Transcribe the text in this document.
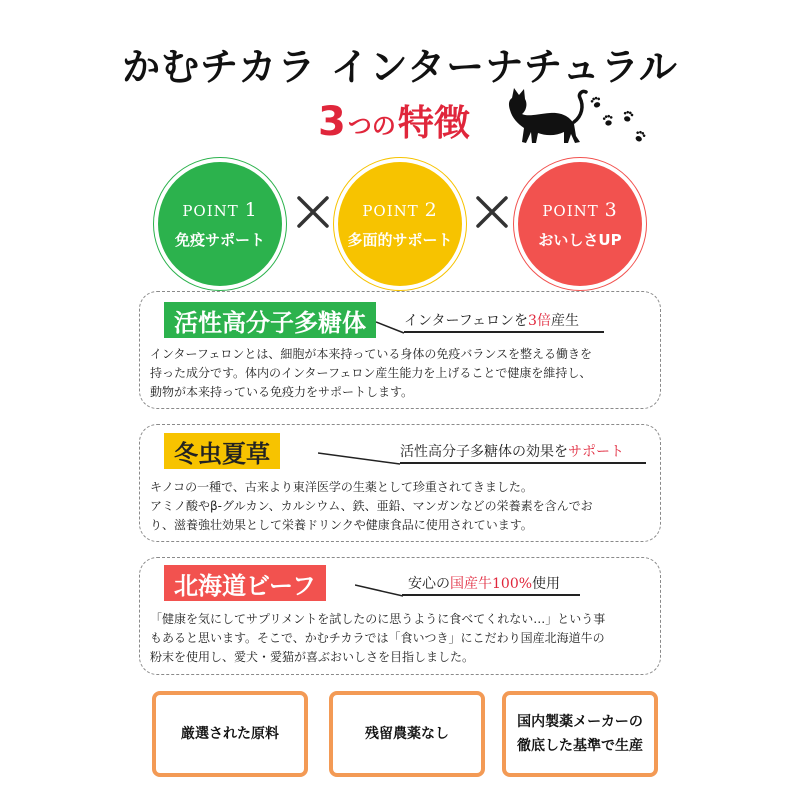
かむチカラ インターナチュラル
3 つの 特徴
POINT 1
免疫サポート
POINT 2
多面的サポート
POINT 3
おいしさUP
活性高分子多糖体	インターフェロンを3倍産生

インターフェロンとは、細胞が本来持っている身体の免疫バランスを整える働きを

持った成分です。体内のインターフェロン産生能力を上げることで健康を維持し、

動物が本来持っている免疫力をサポートします。

冬虫夏草	活性高分子多糖体の効果をサポート

キノコの一種で、古来より東洋医学の生薬として珍重されてきました。

アミノ酸やβ-グルカン、カルシウム、鉄、亜鉛、マンガンなどの栄養素を含んでお

り、滋養強壮効果として栄養ドリンクや健康食品に使用されています。

北海道ビーフ	安心の国産牛100%使用

「健康を気にしてサプリメントを試したのに思うように食べてくれない…」という事

もあると思います。そこで、かむチカラでは「食いつき」にこだわり国産北海道牛の

粉末を使用し、愛犬・愛猫が喜ぶおいしさを目指しました。

厳選された原料	残留農薬なし
国内製薬メーカーの
徹底した基準で生産
